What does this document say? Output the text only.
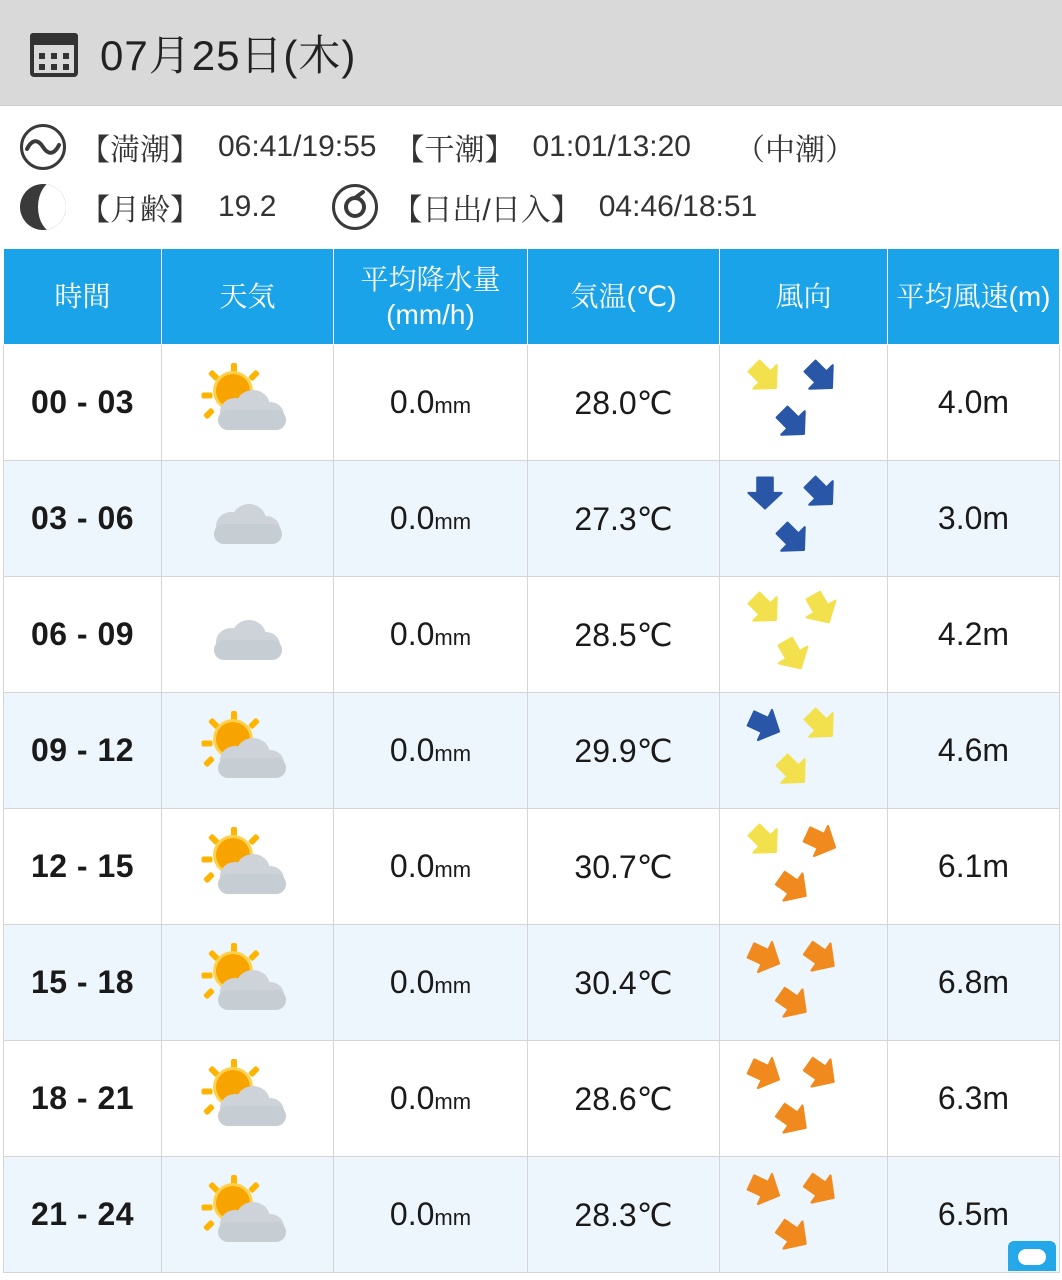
07月25日(木)
【満潮】 06:41/19:55 【干潮】 01:01/13:20 （中潮）
【月齢】 19.2	【日出/日入】 04:46/18:51
時間	天気	平均降水量
(mm/h)	気温(℃)	風向	平均風速(m)
00 - 03		0.0mm	28.0℃		4.0m
03 - 06		0.0mm	27.3℃		3.0m
06 - 09		0.0mm	28.5℃		4.2m
09 - 12		0.0mm	29.9℃		4.6m
12 - 15		0.0mm	30.7℃		6.1m
15 - 18		0.0mm	30.4℃		6.8m
18 - 21		0.0mm	28.6℃		6.3m
21 - 24		0.0mm	28.3℃		6.5m
